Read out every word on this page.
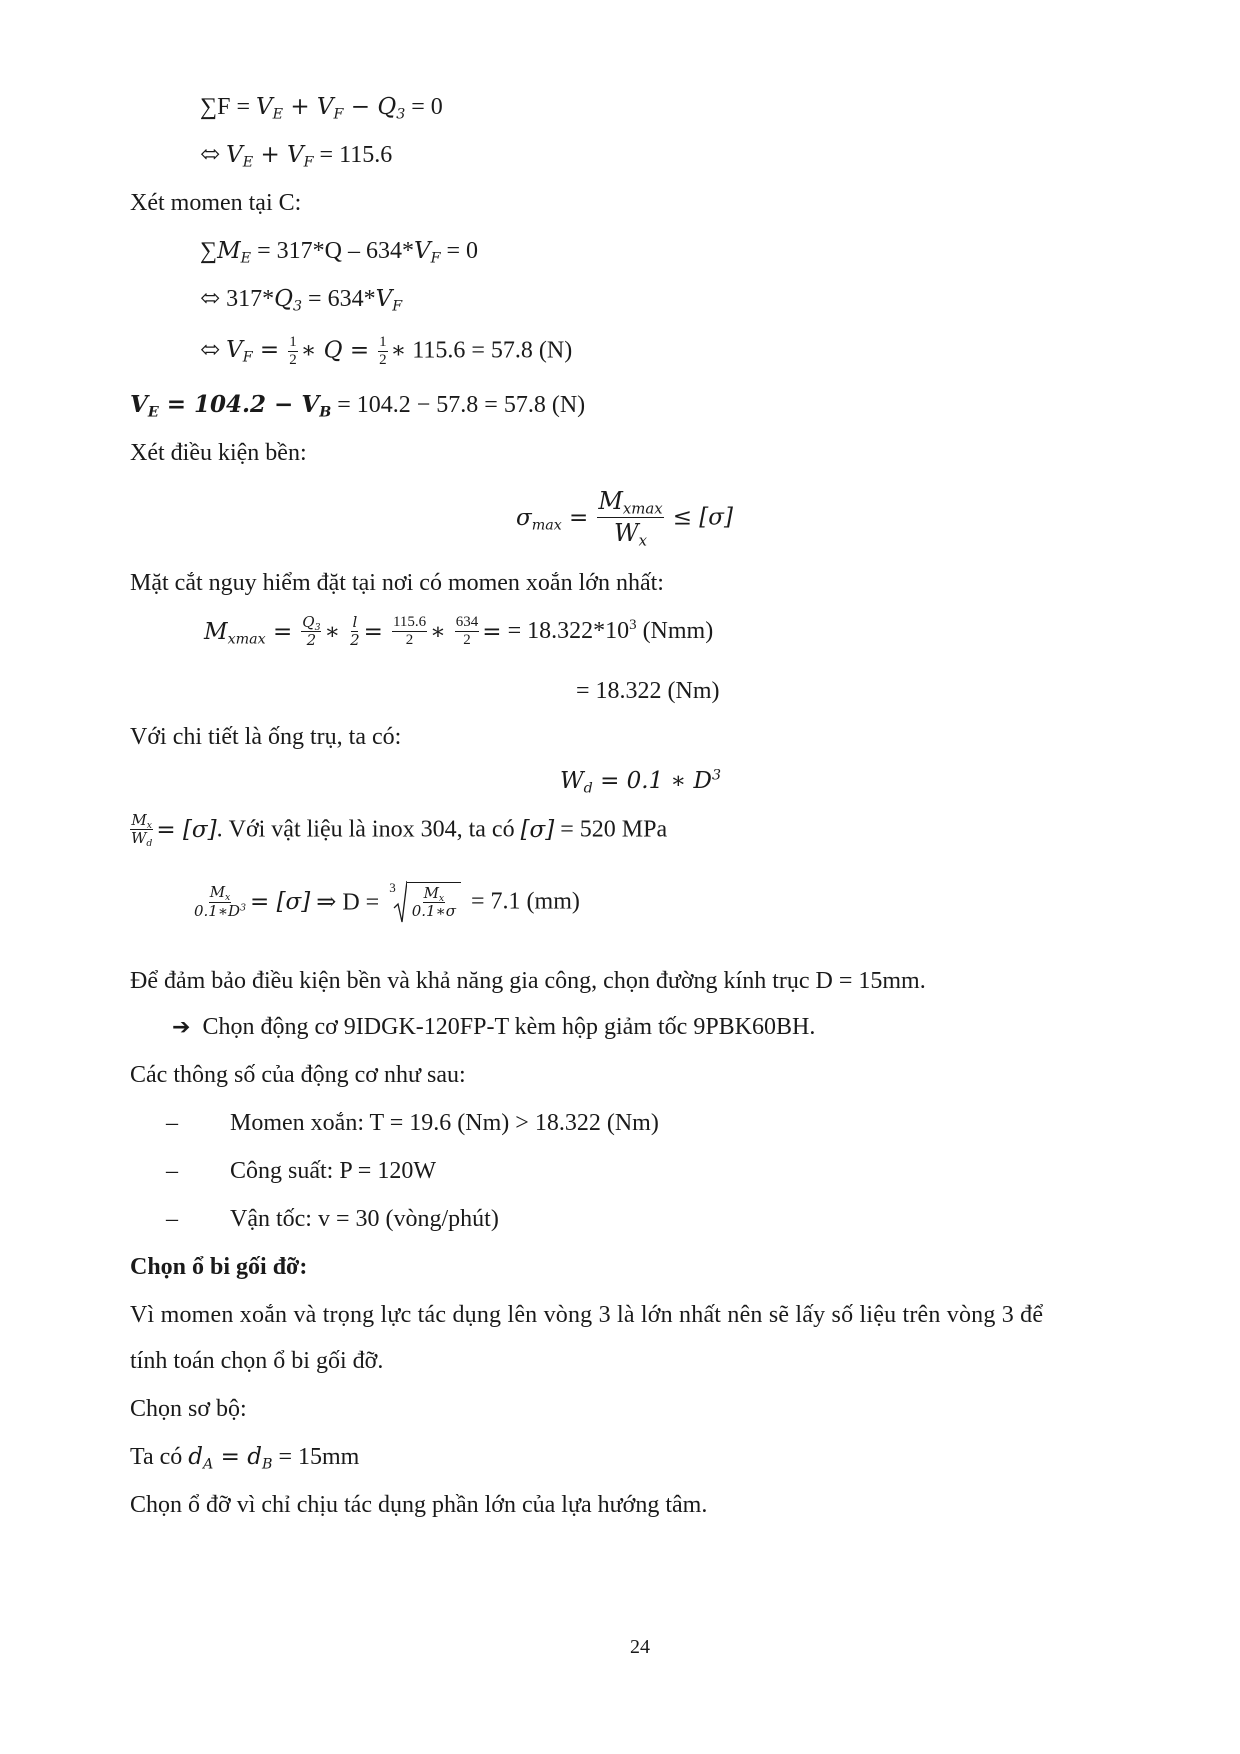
$\sum F = V_E + V_F - Q_3 = 0$
⬄ $V_E + V_F = 115.6$
Xét momen tại C:
$\sum M_E = 317*Q - 634*V_F = 0$
⬄ $317*Q_3 = 634*V_F$
⬄ $V_F = \frac{1}{2}$ ∗ $Q = \frac{1}{2}$ ∗ 115.6 = 57.8 (N)
$V_E = 104.2 - V_B = 104.2 - 57.8 = 57.8$ (N)
Xét điều kiện bền:
$\sigma_{max} = \frac{M_{xmax}}{W_x} \le [\sigma]$
Mặt cắt nguy hiểm đặt tại nơi có momen xoắn lớn nhất:
$M_{xmax} = \frac{Q_3}{2}$ ∗ $\frac{l}{2} = \frac{115.6}{2}$ ∗ $\frac{634}{2}$ = = $18.322*10^3$ (Nmm)
= 18.322 (Nm)
Với chi tiết là ống trụ, ta có:
$W_d = 0.1$ ∗ $D^3$
$\frac{M_x}{W_d} = [\sigma]$. Với vật liệu là inox 304, ta có [σ] = 520 MPa
$\frac{M_x}{0.1∗D^3} = [\sigma]$ ⇒ D =
$3 \frac{M_x}{0.1∗\sigma} = 7.1$ (mm)
Để đảm bảo điều kiện bền và khả năng gia công, chọn đường kính trục D = 15mm.
➔ Chọn động cơ 9IDGK-120FP-T kèm hộp giảm tốc 9PBK60BH.
Các thông số của động cơ như sau:
– Momen xoắn: T = 19.6 (Nm) > 18.322 (Nm)
– Công suất: P = 120W
– Vận tốc: v = 30 (vòng/phút)
Chọn ổ bi gối đỡ:
Vì momen xoắn và trọng lực tác dụng lên vòng 3 là lớn nhất nên sẽ lấy số liệu trên vòng 3 để
tính toán chọn ổ bi gối đỡ.
Chọn sơ bộ:
Ta có $d_A = d_B = 15mm$
Chọn ổ đỡ vì chỉ chịu tác dụng phần lớn của lựa hướng tâm.
24
